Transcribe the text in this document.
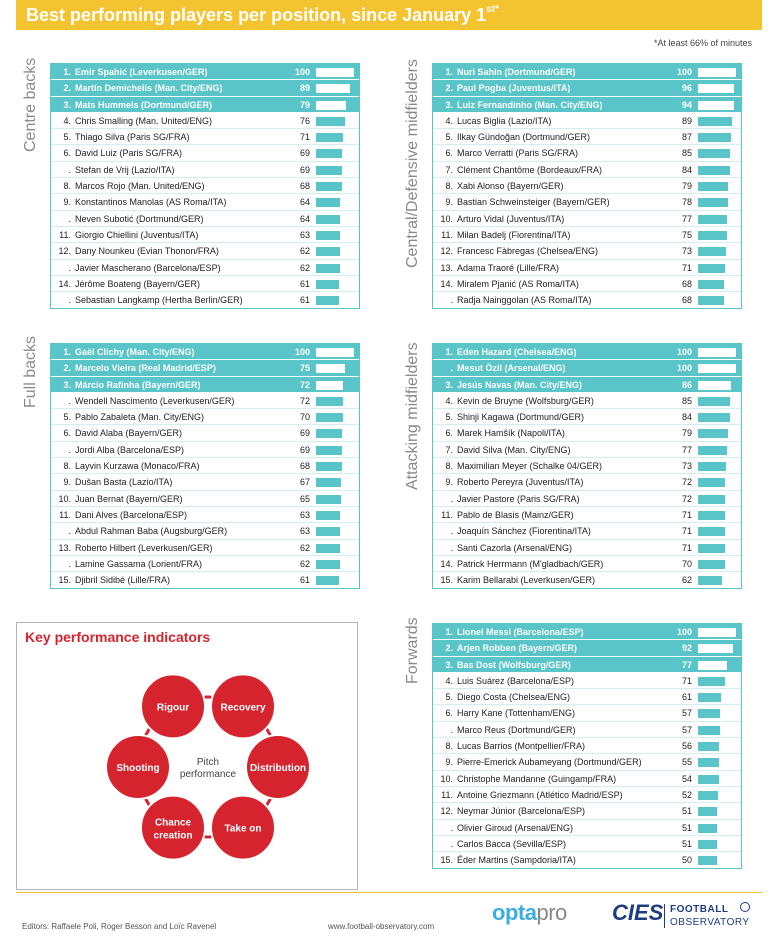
Best performing players per position, since January $1^{st*}$
*At least 66% of minutes
Centre backs	1. Emir Spahić (Leverkusen/GER)	100
2. Martín Demichelis (Man. City/ENG)	89
3. Mats Hummels (Dortmund/GER)	79
4. Chris Smalling (Man. United/ENG)	76
5. Thiago Silva (Paris SG/FRA)	71
6. David Luiz (Paris SG/FRA)	69
. Stefan de Vrij (Lazio/ITA)	69
8. Marcos Rojo (Man. United/ENG)	68
9. Konstantinos Manolas (AS Roma/ITA)	64
. Neven Subotić (Dortmund/GER)	64
11. Giorgio Chiellini (Juventus/ITA)	63
12. Dany Nounkeu (Evian Thonon/FRA)	62
. Javier Mascherano (Barcelona/ESP)	62
14. Jérôme Boateng (Bayern/GER)	61
. Sebastian Langkamp (Hertha Berlin/GER)	61
Central/Defensive midfielders	1. Nuri Sahin (Dortmund/GER)	100
2. Paul Pogba (Juventus/ITA)	96
3. Luiz Fernandinho (Man. City/ENG)	94
4. Lucas Biglia (Lazio/ITA)	89
5. Ilkay Gündoğan (Dortmund/GER)	87
6. Marco Verratti (Paris SG/FRA)	85
7. Clément Chantôme (Bordeaux/FRA)	84
8. Xabi Alonso (Bayern/GER)	79
9. Bastian Schweinsteiger (Bayern/GER)	78
10. Arturo Vidal (Juventus/ITA)	77
11. Milan Badelj (Fiorentina/ITA)	75
12. Francesc Fàbregas (Chelsea/ENG)	73
13. Adama Traoré (Lille/FRA)	71
14. Miralem Pjanić (AS Roma/ITA)	68
. Radja Nainggolan (AS Roma/ITA)	68
Full backs	1. Gaël Clichy (Man. City/ENG)	100
2. Marcelo Vieira (Real Madrid/ESP)	75
3. Márcio Rafinha (Bayern/GER)	72
. Wendell Nascimento (Leverkusen/GER)	72
5. Pablo Zabaleta (Man. City/ENG)	70
6. David Alaba (Bayern/GER)	69
. Jordi Alba (Barcelona/ESP)	69
8. Layvin Kurzawa (Monaco/FRA)	68
9. Dušan Basta (Lazio/ITA)	67
10. Juan Bernat (Bayern/GER)	65
11. Dani Alves (Barcelona/ESP)	63
. Abdul Rahman Baba (Augsburg/GER)	63
13. Roberto Hilbert (Leverkusen/GER)	62
. Lamine Gassama (Lorient/FRA)	62
15. Djibril Sidibé (Lille/FRA)	61
Attacking midfielders	1. Eden Hazard (Chelsea/ENG)	100
. Mesut Özil (Arsenal/ENG)	100
3. Jesús Navas (Man. City/ENG)	86
4. Kevin de Bruyne (Wolfsburg/GER)	85
5. Shinji Kagawa (Dortmund/GER)	84
6. Marek Hamšík (Napoli/ITA)	79
7. David Silva (Man. City/ENG)	77
8. Maximilian Meyer (Schalke 04/GER)	73
9. Roberto Pereyra (Juventus/ITA)	72
. Javier Pastore (Paris SG/FRA)	72
11. Pablo de Blasis (Mainz/GER)	71
. Joaquín Sánchez (Fiorentina/ITA)	71
. Santi Cazorla (Arsenal/ENG)	71
14. Patrick Herrmann (M'gladbach/GER)	70
15. Karim Bellarabi (Leverkusen/GER)	62
Forwards	1. Lionel Messi (Barcelona/ESP)	100
2. Arjen Robben (Bayern/GER)	92
3. Bas Dost (Wolfsburg/GER)	77
4. Luis Suárez (Barcelona/ESP)	71
5. Diego Costa (Chelsea/ENG)	61
6. Harry Kane (Tottenham/ENG)	57
. Marco Reus (Dortmund/GER)	57
8. Lucas Barrios (Montpellier/FRA)	56
9. Pierre-Emerick Aubameyang (Dortmund/GER)	55
10. Christophe Mandanne (Guingamp/FRA)	54
11. Antoine Griezmann (Atlético Madrid/ESP)	52
12. Neymar Júnior (Barcelona/ESP)	51
. Olivier Giroud (Arsenal/ENG)	51
. Carlos Bacca (Sevilla/ESP)	51
15. Éder Martins (Sampdoria/ITA)	50
Key performance indicators
Rigour	Recovery
Distribution
Take on
Chance
creation
Shooting
Pitch
performance
Editors: Raffaele Poli, Roger Besson and Loïc Ravenel	www.football-observatory.com
optapro CIES FOOTBALL
OBSERVATORY
